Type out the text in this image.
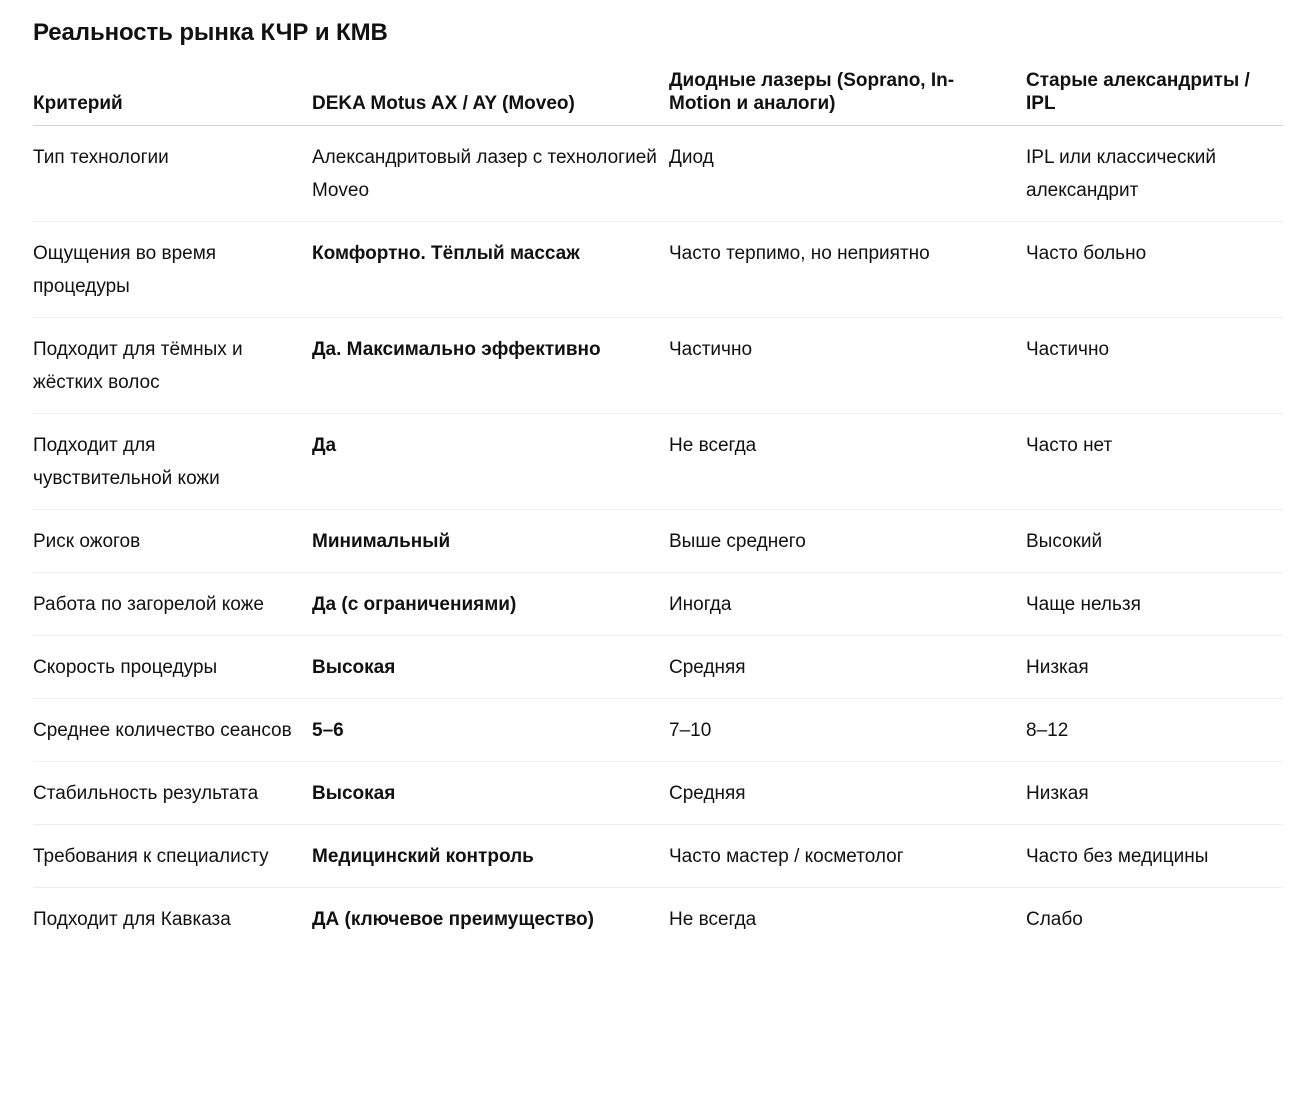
Реальность рынка КЧР и КМВ
Критерий	DEKA Motus AX / AY (Moveo)	Диодные лазеры (Soprano, In-Motion и аналоги)	Старые александриты / IPL
Тип технологии	Александритовый лазер с технологией Moveo	Диод	IPL или классический александрит
Ощущения во время процедуры	Комфортно. Тёплый массаж	Часто терпимо, но неприятно	Часто больно
Подходит для тёмных и жёстких волос	Да. Максимально эффективно	Частично	Частично
Подходит для чувствительной кожи	Да	Не всегда	Часто нет
Риск ожогов	Минимальный	Выше среднего	Высокий
Работа по загорелой коже	Да (с ограничениями)	Иногда	Чаще нельзя
Скорость процедуры	Высокая	Средняя	Низкая
Среднее количество сеансов	5–6	7–10	8–12
Стабильность результата	Высокая	Средняя	Низкая
Требования к специалисту	Медицинский контроль	Часто мастер / косметолог	Часто без медицины
Подходит для Кавказа	ДА (ключевое преимущество)	Не всегда	Слабо
